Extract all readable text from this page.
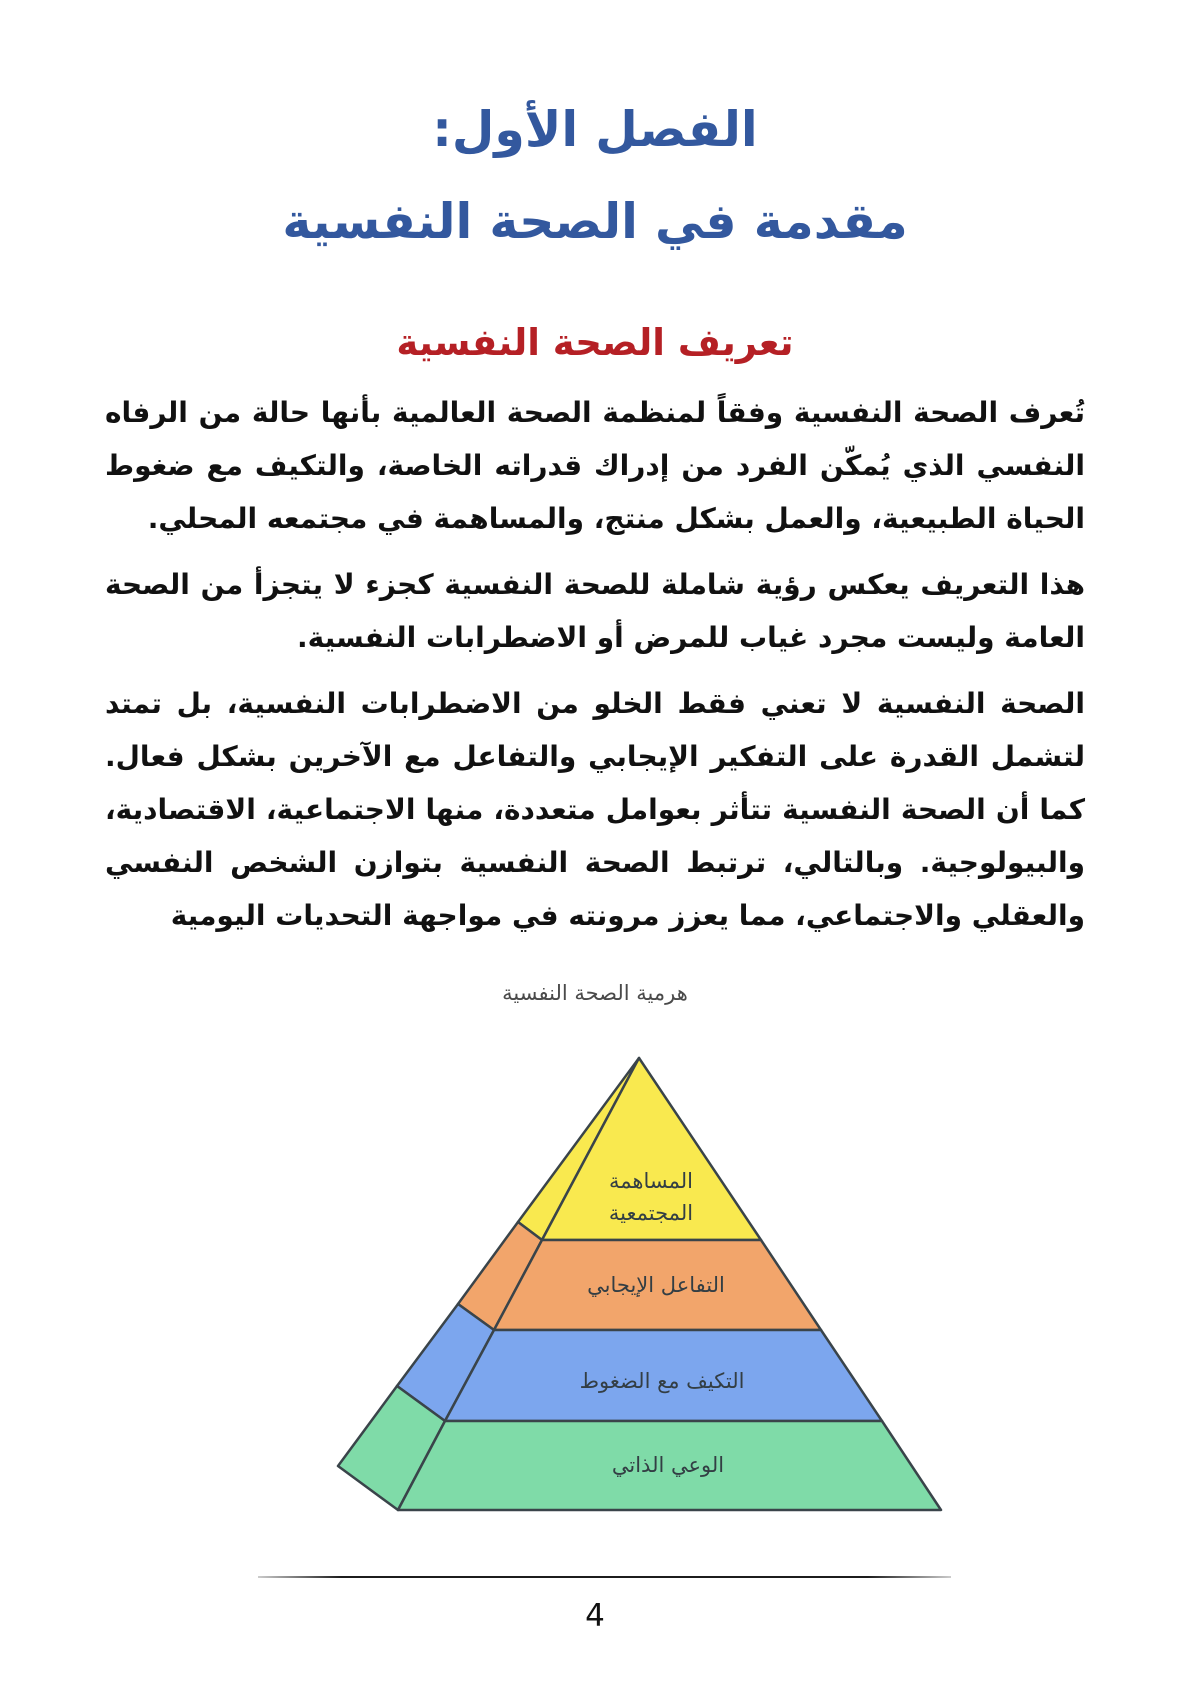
الفصل الأول:
مقدمة في الصحة النفسية
تعريف الصحة النفسية

تُعرف الصحة النفسية وفقاً لمنظمة الصحة العالمية بأنها حالة من الرفاه النفسي الذي يُمكّن الفرد من إدراك قدراته الخاصة، والتكيف مع ضغوط الحياة الطبيعية، والعمل بشكل منتج، والمساهمة في مجتمعه المحلي.

هذا التعريف يعكس رؤية شاملة للصحة النفسية كجزء لا يتجزأ من الصحة العامة وليست مجرد غياب للمرض أو الاضطرابات النفسية.

الصحة النفسية لا تعني فقط الخلو من الاضطرابات النفسية، بل تمتد لتشمل القدرة على التفكير الإيجابي والتفاعل مع الآخرين بشكل فعال. كما أن الصحة النفسية تتأثر بعوامل متعددة، منها الاجتماعية، الاقتصادية، والبيولوجية. وبالتالي، ترتبط الصحة النفسية بتوازن الشخص النفسي والعقلي والاجتماعي، مما يعزز مرونته في مواجهة التحديات اليومية

هرمية الصحة النفسية
المساهمة
المجتمعية
التفاعل الإيجابي
التكيف مع الضغوط
الوعي الذاتي
4
